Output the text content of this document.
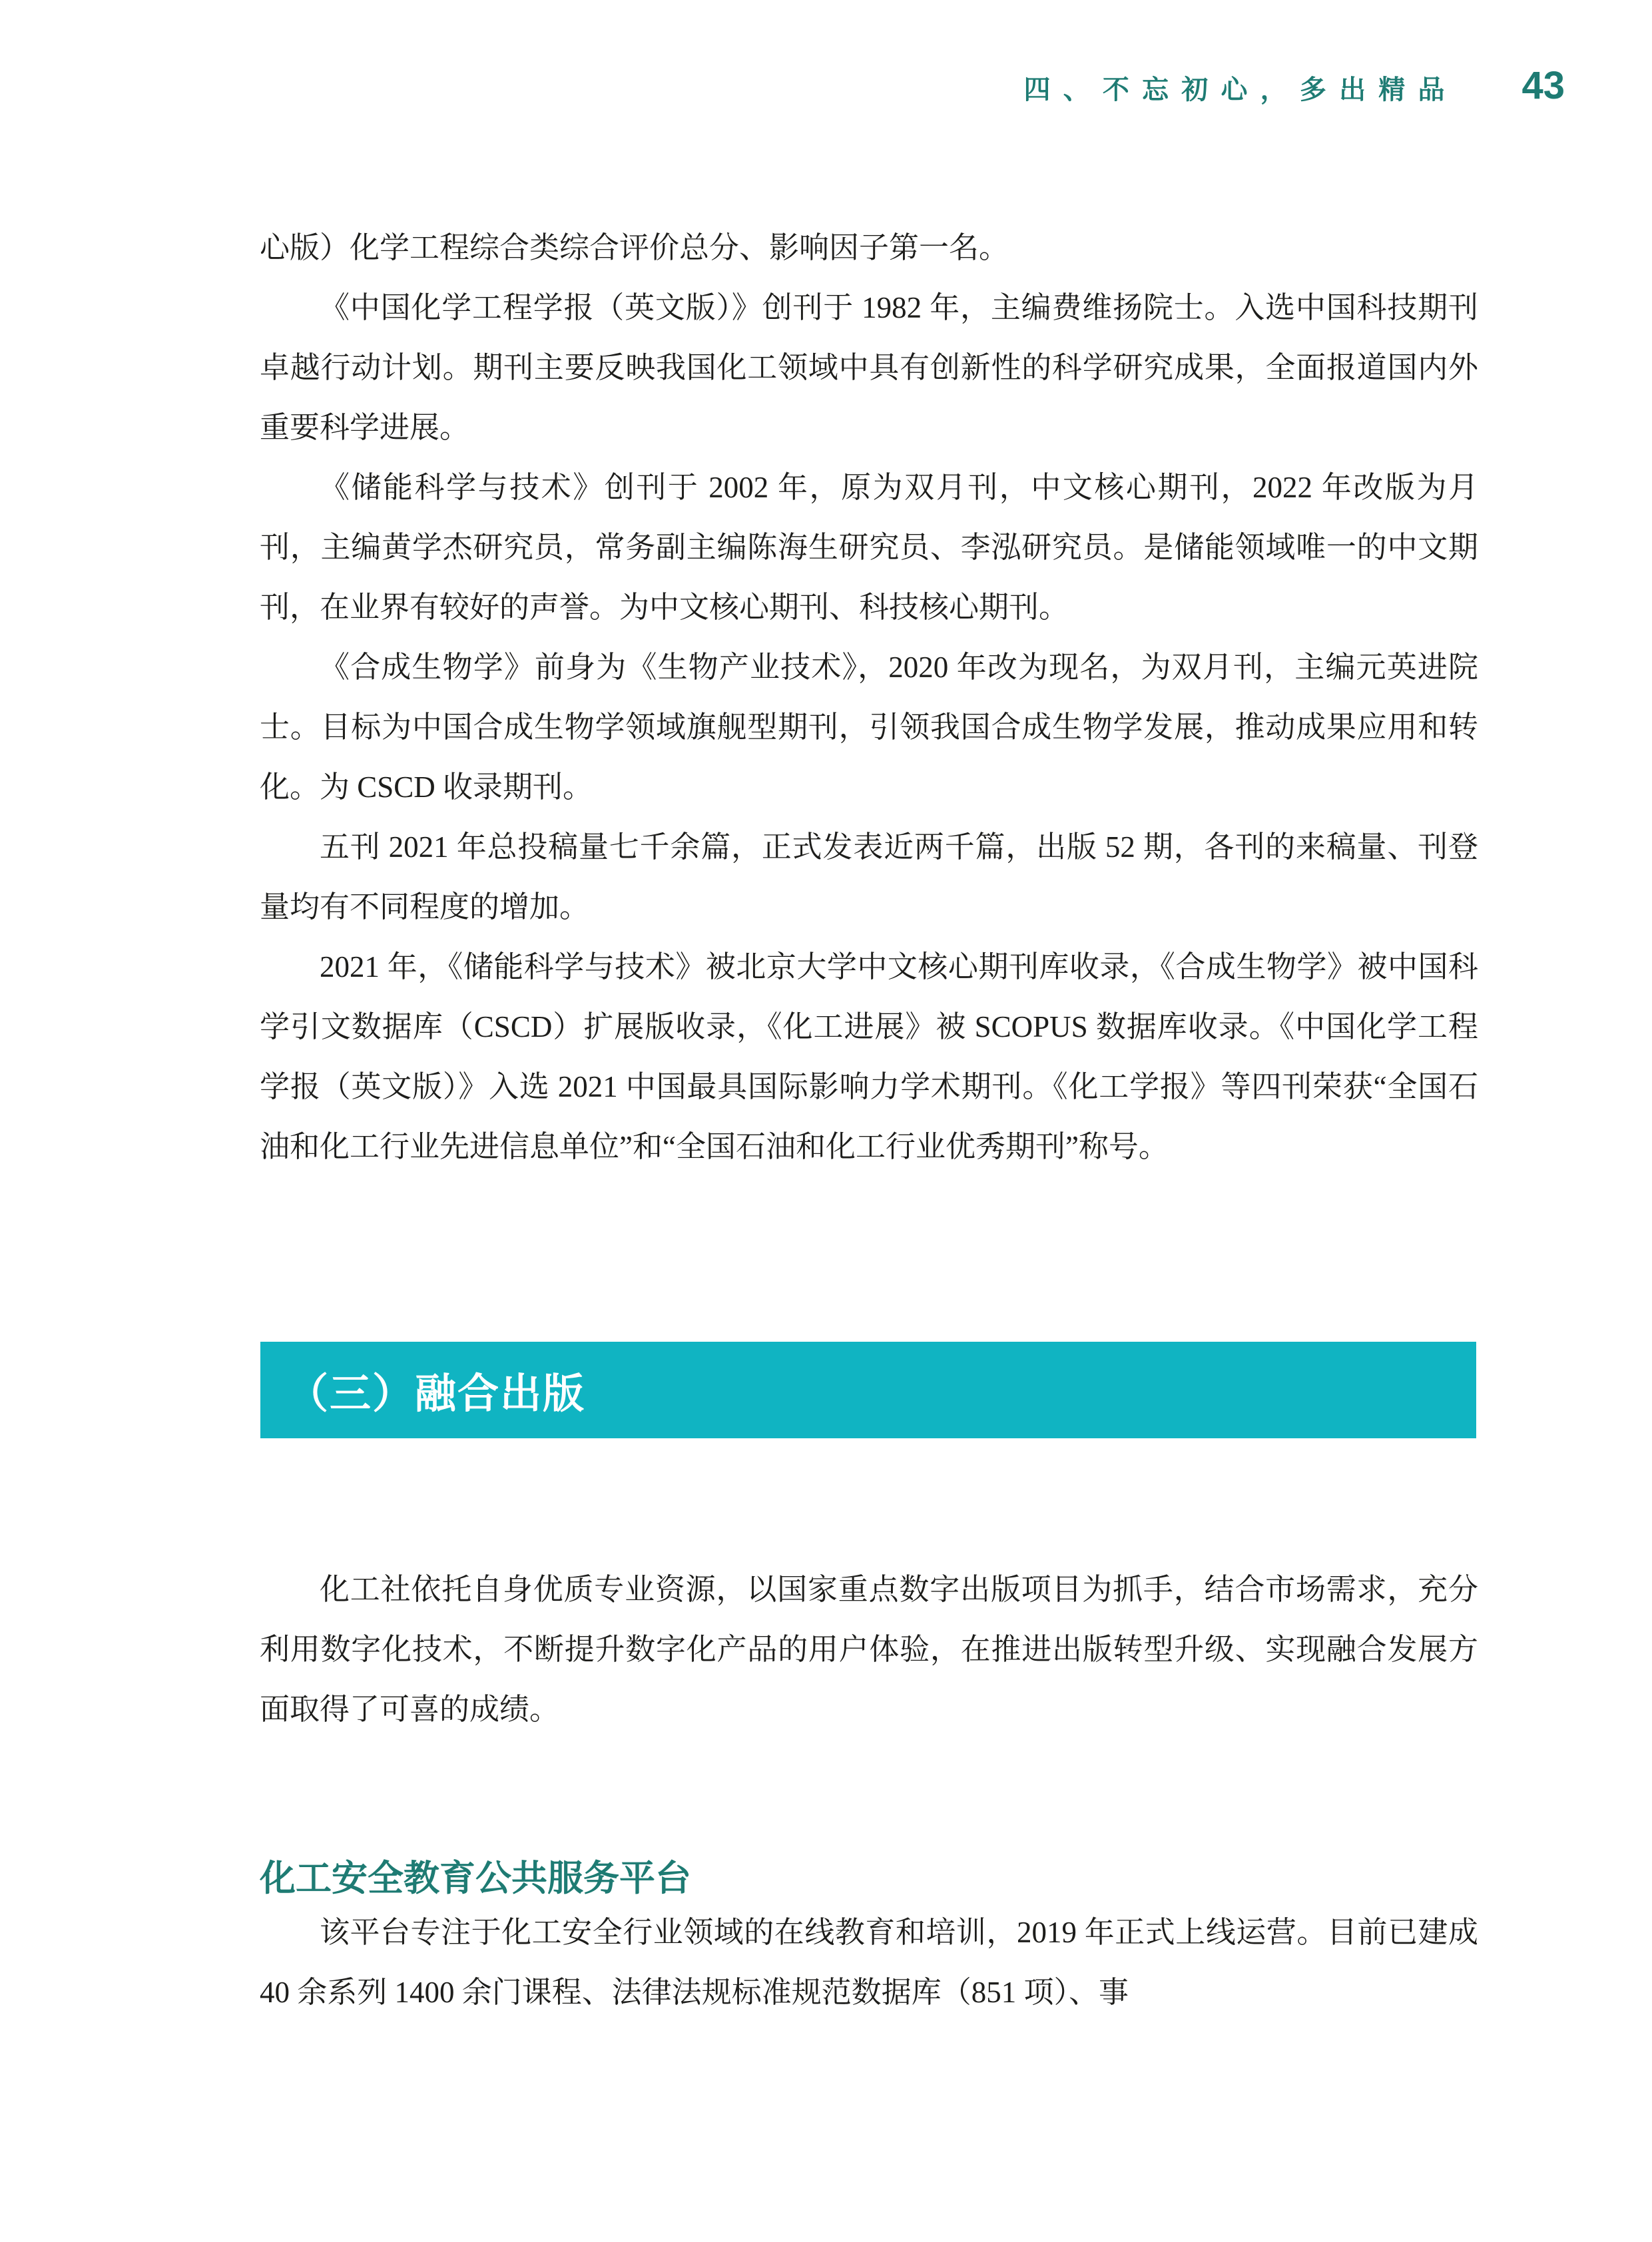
四、不忘初心，多出精品 43

心版）化学工程综合类综合评价总分、影响因子第一名。

《中国化学工程学报（英文版）》创刊于 1982 年，主编费维扬院士。入选中国科技期刊卓越行动计划。期刊主要反映我国化工领域中具有创新性的科学研究成果，全面报道国内外重要科学进展。

《储能科学与技术》创刊于 2002 年，原为双月刊，中文核心期刊，2022 年改版为月刊，主编黄学杰研究员，常务副主编陈海生研究员、李泓研究员。是储能领域唯一的中文期刊，在业界有较好的声誉。为中文核心期刊、科技核心期刊。

《合成生物学》前身为《生物产业技术》，2020 年改为现名，为双月刊，主编元英进院士。目标为中国合成生物学领域旗舰型期刊，引领我国合成生物学发展，推动成果应用和转化。为 CSCD 收录期刊。

五刊 2021 年总投稿量七千余篇，正式发表近两千篇，出版 52 期，各刊的来稿量、刊登量均有不同程度的增加。

2021 年，《储能科学与技术》被北京大学中文核心期刊库收录，《合成生物学》被中国科学引文数据库（CSCD）扩展版收录，《化工进展》被 SCOPUS 数据库收录。《中国化学工程学报（英文版）》入选 2021 中国最具国际影响力学术期刊。《化工学报》等四刊荣获“全国石油和化工行业先进信息单位”和“全国石油和化工行业优秀期刊”称号。

（三）融合出版

化工社依托自身优质专业资源，以国家重点数字出版项目为抓手，结合市场需求，充分利用数字化技术，不断提升数字化产品的用户体验，在推进出版转型升级、实现融合发展方面取得了可喜的成绩。

化工安全教育公共服务平台

该平台专注于化工安全行业领域的在线教育和培训，2019 年正式上线运营。目前已建成 40 余系列 1400 余门课程、法律法规标准规范数据库（851 项）、事
